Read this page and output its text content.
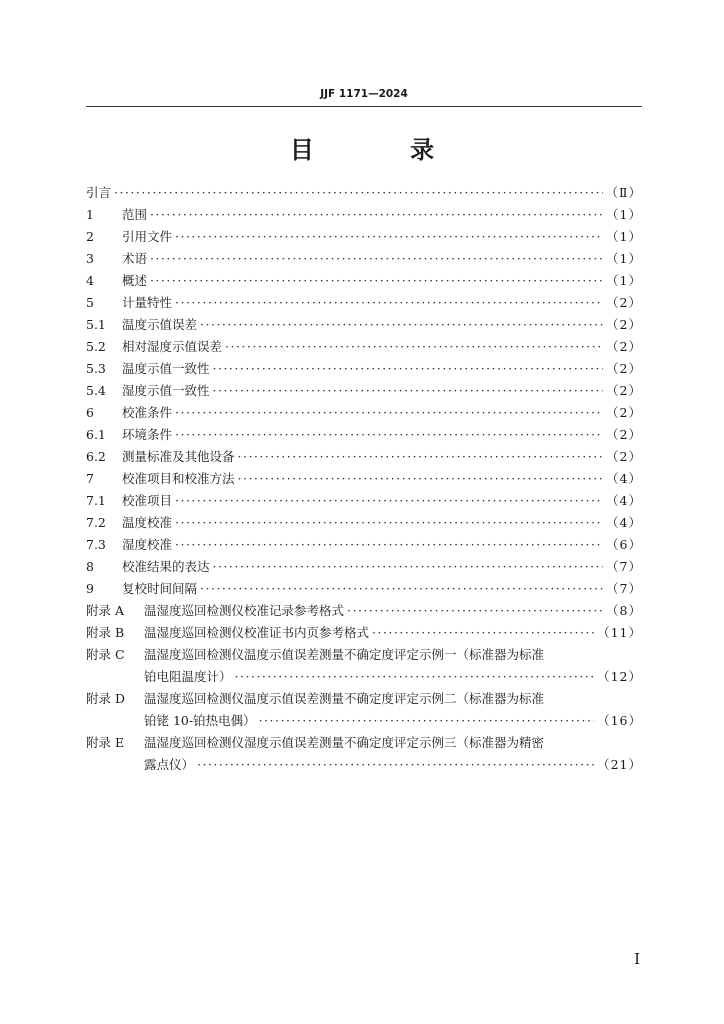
JJF 1171—2024
目 录
引言 ·····	（Ⅱ）
1	范围 ·····	（1）
2	引用文件 ·····	（1）
3	术语 ·····	（1）
4	概述 ·····	（1）
5	计量特性 ·····	（2）
5.1	温度示值误差 ·····	（2）
5.2	相对湿度示值误差 ·····	（2）
5.3	温度示值一致性 ·····	（2）
5.4	湿度示值一致性 ·····	（2）
6	校准条件 ·····	（2）
6.1	环境条件 ·····	（2）
6.2	测量标准及其他设备 ·····	（2）
7	校准项目和校准方法 ·····	（4）
7.1	校准项目 ·····	（4）
7.2	温度校准 ·····	（4）
7.3	湿度校准 ·····	（6）
8	校准结果的表达 ·····	（7）
9	复校时间间隔 ·····	（7）
附录 A	温湿度巡回检测仪校准记录参考格式 ·····	（8）
附录 B	温湿度巡回检测仪校准证书内页参考格式 ·····	（11）
附录 C	温湿度巡回检测仪温度示值误差测量不确定度评定示例一（标准器为标准
铂电阻温度计） ·····	（12）
附录 D	温湿度巡回检测仪温度示值误差测量不确定度评定示例二（标准器为标准
铂铑 10-铂热电偶） ·····	（16）
附录 E	温湿度巡回检测仪湿度示值误差测量不确定度评定示例三（标准器为精密
露点仪） ·····	（21）
I
